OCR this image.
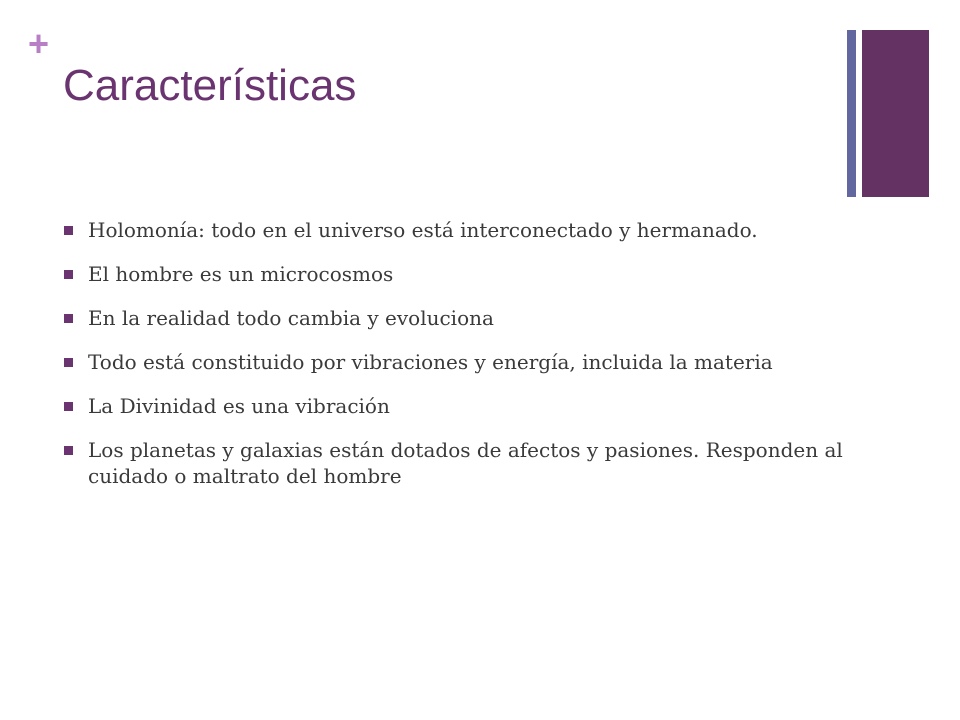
+
Características
Holomonía: todo en el universo está interconectado y hermanado.
El hombre es un microcosmos
En la realidad todo cambia y evoluciona
Todo está constituido por vibraciones y energía, incluida la materia
La Divinidad es una vibración
Los planetas y galaxias están dotados de afectos y pasiones. Responden al cuidado o maltrato del hombre
